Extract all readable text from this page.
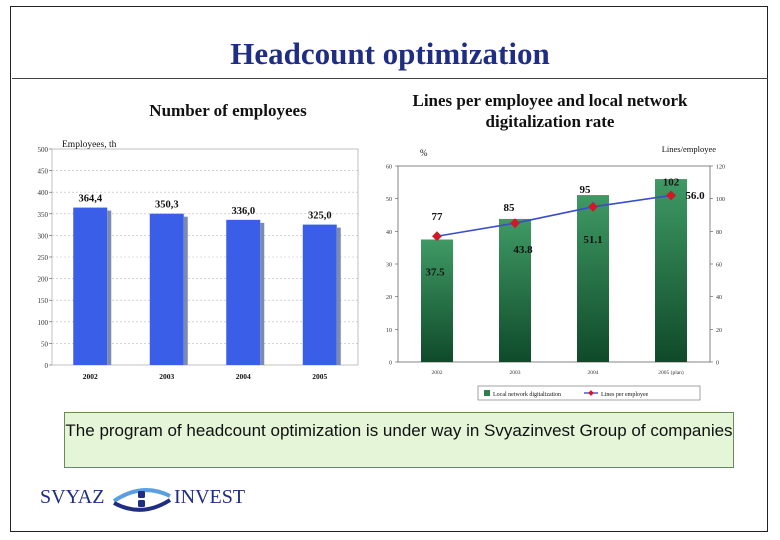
Headcount optimization
Number of employees
Lines per employee and local network digitalization rate
0
50
100
150
200
250
300
350
400
450
500 Employees, th
364,4
2002
350,3
2003
336,0
2004
325,0
2005
0
10
20
30
40
50
60
0
20
40
60
80
100
120
%	Lines/employee
2002	2003	2004	2005 (plan)
37.5
43.8
51.1
56.0
77
85
95
102
Local network digitalization	Lines per employee
The program of headcount optimization is under way in Svyazinvest Group of companies
SVYAZ	INVEST
